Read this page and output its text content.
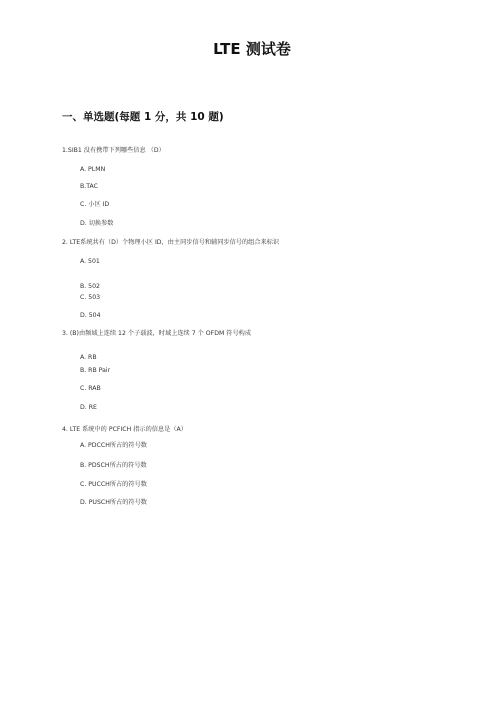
LTE 测试卷
一、单选题(每题 1 分，共 10 题)
1.SIB1 没有携带下列哪些信息 （D）
A. PLMN
B.TAC
C. 小区 ID
D. 切换参数
2. LTE系统共有（D）个物理小区 ID，由主同步信号和辅同步信号的组合来标识
A. 501
B. 502
C. 503
D. 504
3. (B)由频域上连续 12 个子载波，时域上连续 7 个 OFDM 符号构成
A. RB
B. RB Pair
C. RAB
D. RE
4. LTE 系统中的 PCFICH 指示的信息是（A）
A. PDCCH所占的符号数
B. PDSCH所占的符号数
C. PUCCH所占的符号数
D. PUSCH所占的符号数
